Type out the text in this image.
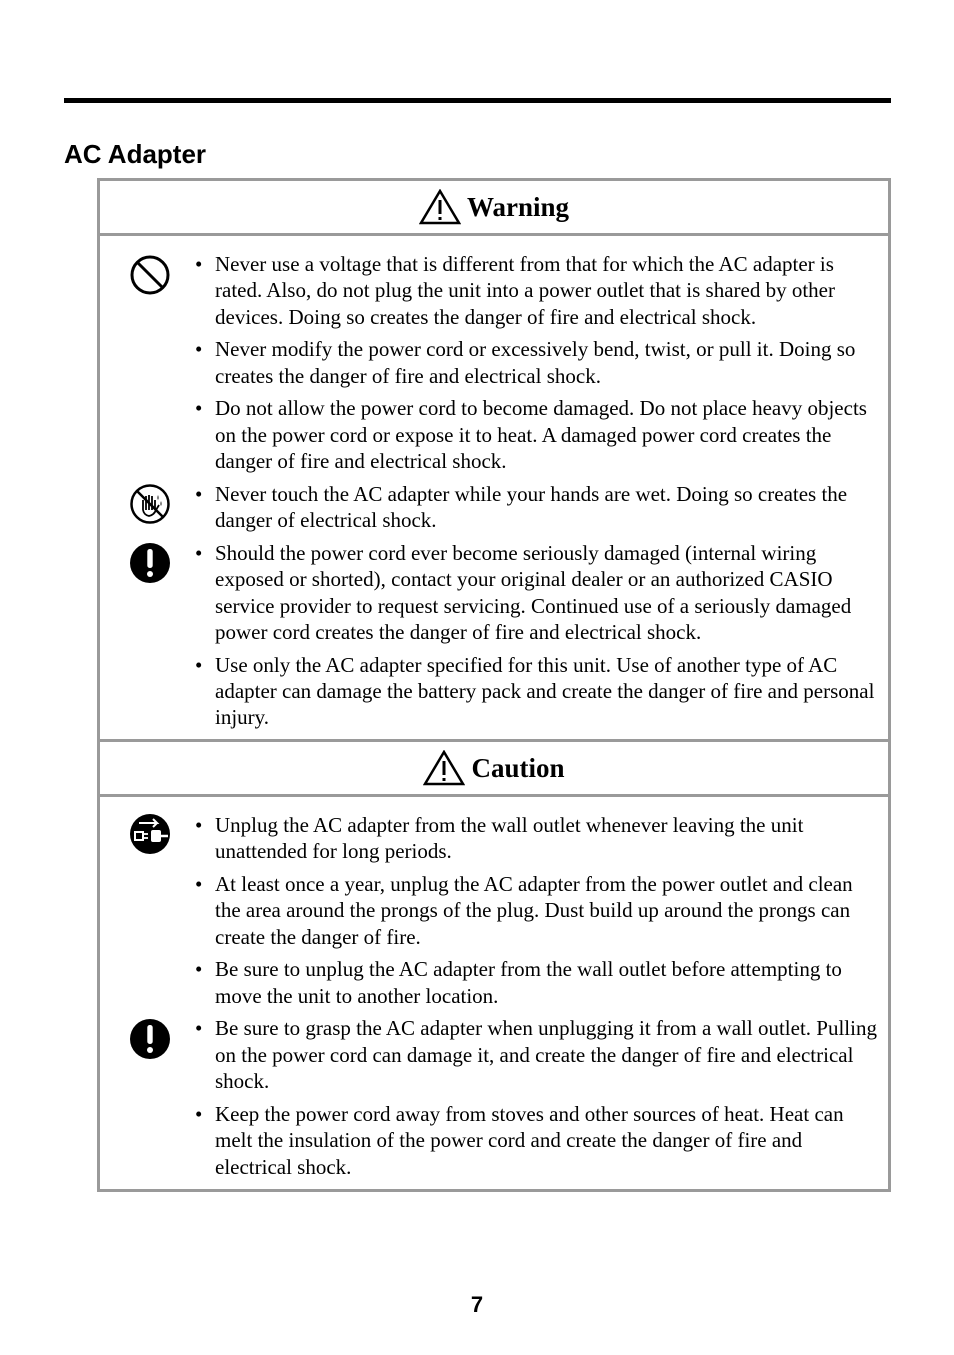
AC Adapter
Warning
• Never use a voltage that is different from that for which the AC adapter is rated. Also, do not plug the unit into a power outlet that is shared by other devices. Doing so creates the danger of fire and electrical shock.
• Never modify the power cord or excessively bend, twist, or pull it. Doing so creates the danger of fire and electrical shock.
• Do not allow the power cord to become damaged. Do not place heavy objects on the power cord or expose it to heat. A damaged power cord creates the danger of fire and electrical shock.
• Never touch the AC adapter while your hands are wet. Doing so creates the danger of electrical shock.
• Should the power cord ever become seriously damaged (internal wiring exposed or shorted), contact your original dealer or an authorized CASIO service provider to request servicing. Continued use of a seriously damaged power cord creates the danger of fire and electrical shock.
• Use only the AC adapter specified for this unit. Use of another type of AC adapter can damage the battery pack and create the danger of fire and personal injury.
Caution
• Unplug the AC adapter from the wall outlet whenever leaving the unit unattended for long periods.
• At least once a year, unplug the AC adapter from the power outlet and clean the area around the prongs of the plug. Dust build up around the prongs can create the danger of fire.
• Be sure to unplug the AC adapter from the wall outlet before attempting to move the unit to another location.
• Be sure to grasp the AC adapter when unplugging it from a wall outlet. Pulling on the power cord can damage it, and create the danger of fire and electrical shock.
• Keep the power cord away from stoves and other sources of heat. Heat can melt the insulation of the power cord and create the danger of fire and electrical shock.
7
